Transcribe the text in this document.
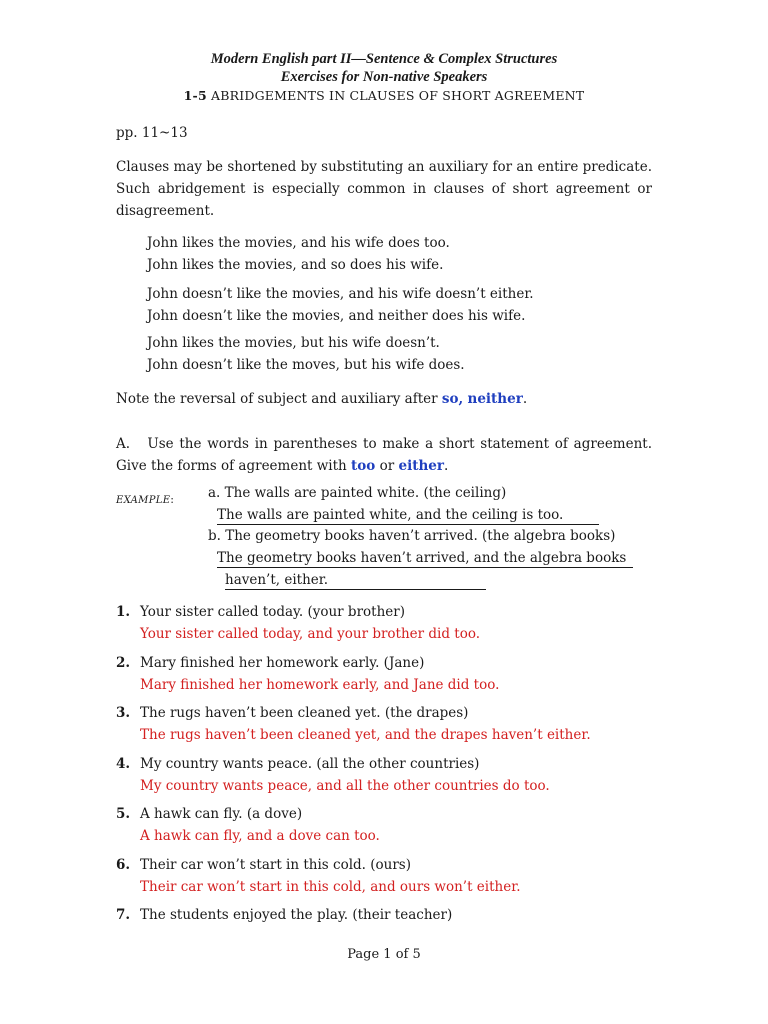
Modern English part II—Sentence & Complex Structures
Exercises for Non-native Speakers
1-5 ABRIDGEMENTS IN CLAUSES OF SHORT AGREEMENT
pp. 11~13
Clauses may be shortened by substituting an auxiliary for an entire predicate.
Such abridgement is especially common in clauses of short agreement or
disagreement.
John likes the movies, and his wife does too.
John likes the movies, and so does his wife.
John doesn’t like the movies, and his wife doesn’t either.
John doesn’t like the movies, and neither does his wife.
John likes the movies, but his wife doesn’t.
John doesn’t like the moves, but his wife does.
Note the reversal of subject and auxiliary after so, neither.
A. Use the words in parentheses to make a short statement of agreement.
Give the forms of agreement with too or either.
EXAMPLE:	a. The walls are painted white. (the ceiling)
The walls are painted white, and the ceiling is too.
b. The geometry books haven’t arrived. (the algebra books)
The geometry books haven’t arrived, and the algebra books
haven’t, either.
1. Your sister called today. (your brother)
Your sister called today, and your brother did too.
2. Mary finished her homework early. (Jane)
Mary finished her homework early, and Jane did too.
3. The rugs haven’t been cleaned yet. (the drapes)
The rugs haven’t been cleaned yet, and the drapes haven’t either.
4. My country wants peace. (all the other countries)
My country wants peace, and all the other countries do too.
5. A hawk can fly. (a dove)
A hawk can fly, and a dove can too.
6. Their car won’t start in this cold. (ours)
Their car won’t start in this cold, and ours won’t either.
7. The students enjoyed the play. (their teacher)
Page 1 of 5
